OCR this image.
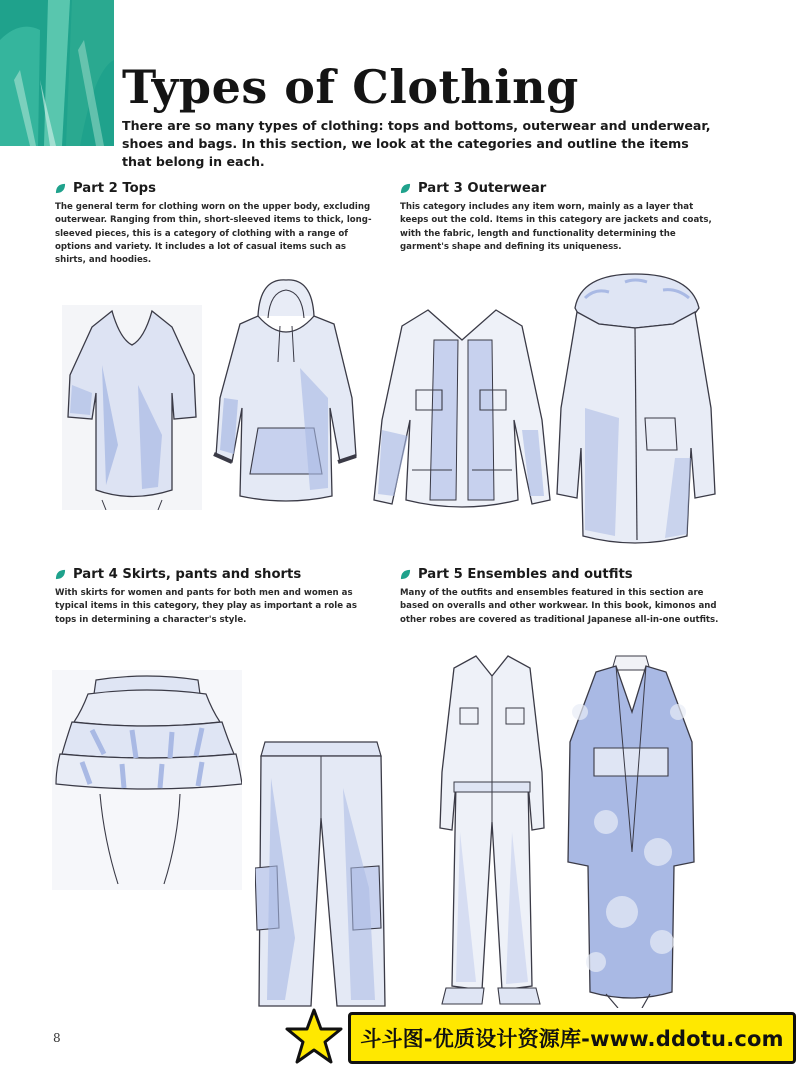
Types of Clothing
There are so many types of clothing: tops and bottoms, outerwear and underwear, shoes and bags. In this section, we look at the categories and outline the items that belong in each.
Part 2 Tops
The general term for clothing worn on the upper body, excluding outerwear. Ranging from thin, short-sleeved items to thick, long-sleeved pieces, this is a category of clothing with a range of options and variety. It includes a lot of casual items such as shirts, and hoodies.
Part 3 Outerwear
This category includes any item worn, mainly as a layer that keeps out the cold. Items in this category are jackets and coats, with the fabric, length and functionality determining the garment's shape and defining its uniqueness.
Part 4 Skirts, pants and shorts
With skirts for women and pants for both men and women as typical items in this category, they play as important a role as tops in determining a character's style.
Part 5 Ensembles and outfits
Many of the outfits and ensembles featured in this section are based on overalls and other workwear. In this book, kimonos and other robes are covered as traditional Japanese all-in-one outfits.
8	斗斗图-优质设计资源库-www.ddotu.com
